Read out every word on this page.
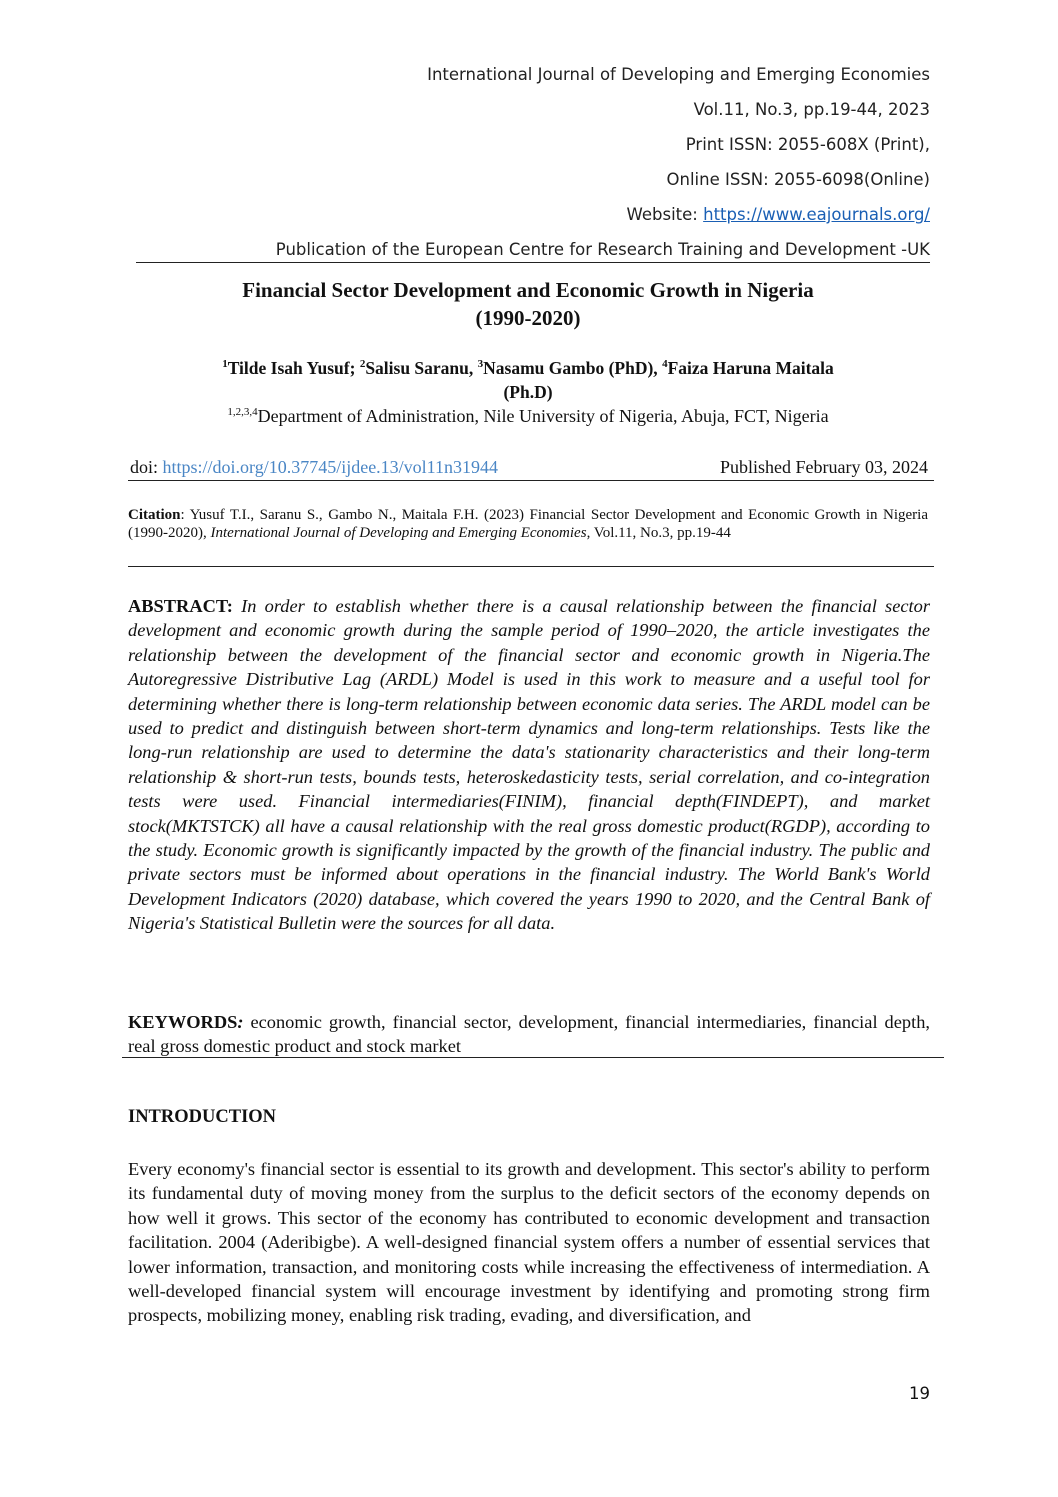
International Journal of Developing and Emerging Economies
Vol.11, No.3, pp.19-44, 2023
Print ISSN: 2055-608X (Print),
Online ISSN: 2055-6098(Online)
Website: https://www.eajournals.org/
Publication of the European Centre for Research Training and Development -UK
Financial Sector Development and Economic Growth in Nigeria
(1990-2020)
$^1$Tilde Isah Yusuf; $^2$Salisu Saranu, $^3$Nasamu Gambo (PhD), $^4$Faiza Haruna Maitala
(Ph.D)
$^{1,2,3,4}$Department of Administration, Nile University of Nigeria, Abuja, FCT, Nigeria
doi: https://doi.org/10.37745/ijdee.13/vol11n31944	Published February 03, 2024
Citation: Yusuf T.I., Saranu S., Gambo N., Maitala F.H. (2023) Financial Sector Development and Economic Growth in Nigeria (1990-2020), International Journal of Developing and Emerging Economies, Vol.11, No.3, pp.19-44
ABSTRACT: In order to establish whether there is a causal relationship between the financial sector development and economic growth during the sample period of 1990–2020, the article investigates the relationship between the development of the financial sector and economic growth in Nigeria.The Autoregressive Distributive Lag (ARDL) Model is used in this work to measure and a useful tool for determining whether there is long-term relationship between economic data series. The ARDL model can be used to predict and distinguish between short-term dynamics and long-term relationships. Tests like the long-run relationship are used to determine the data's stationarity characteristics and their long-term relationship & short-run tests, bounds tests, heteroskedasticity tests, serial correlation, and co-integration tests were used. Financial intermediaries(FINIM), financial depth(FINDEPT), and market stock(MKTSTCK) all have a causal relationship with the real gross domestic product(RGDP), according to the study. Economic growth is significantly impacted by the growth of the financial industry. The public and private sectors must be informed about operations in the financial industry. The World Bank's World Development Indicators (2020) database, which covered the years 1990 to 2020, and the Central Bank of Nigeria's Statistical Bulletin were the sources for all data.
KEYWORDS: economic growth, financial sector, development, financial intermediaries, financial depth, real gross domestic product and stock market
INTRODUCTION
Every economy's financial sector is essential to its growth and development. This sector's ability to perform its fundamental duty of moving money from the surplus to the deficit sectors of the economy depends on how well it grows. This sector of the economy has contributed to economic development and transaction facilitation. 2004 (Aderibigbe). A well-designed financial system offers a number of essential services that lower information, transaction, and monitoring costs while increasing the effectiveness of intermediation. A well-developed financial system will encourage investment by identifying and promoting strong firm prospects, mobilizing money, enabling risk trading, evading, and diversification, and
19
